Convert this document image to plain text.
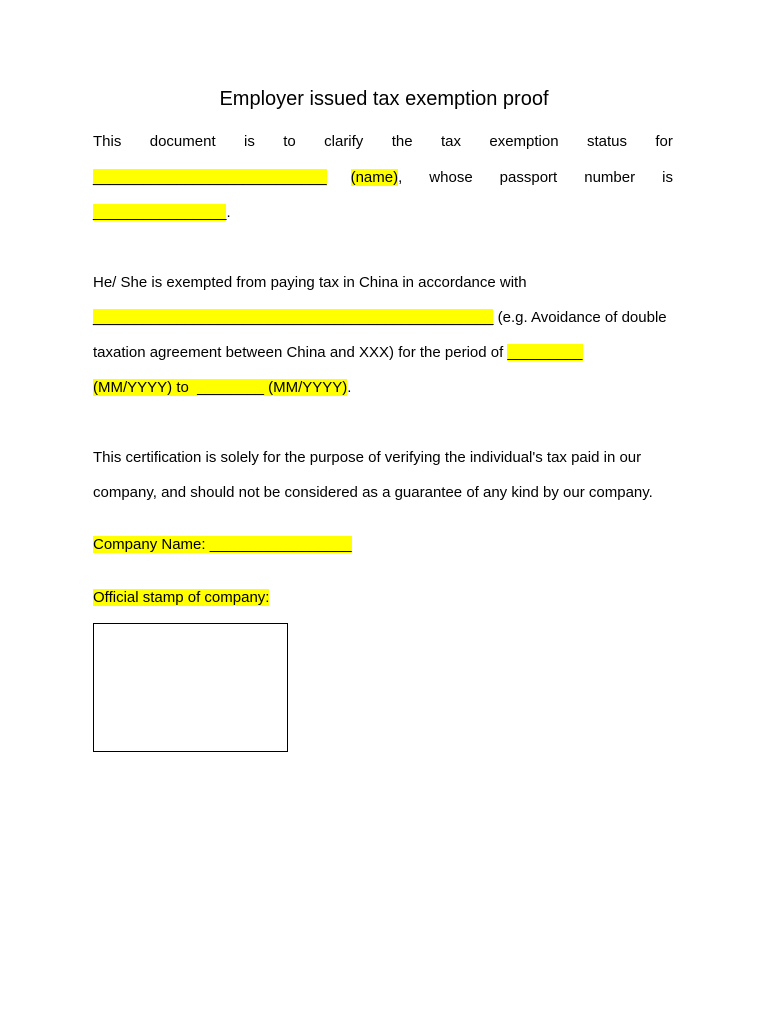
Employer issued tax exemption proof
This document is to clarify the tax exemption status for
____________________________ (name), whose passport number is
________________.
He/ She is exempted from paying tax in China in accordance with
________________________________________________ (e.g. Avoidance of double
taxation agreement between China and XXX) for the period of _________
(MM/YYYY) to  ________ (MM/YYYY).
This certification is solely for the purpose of verifying the individual's tax paid in our
company, and should not be considered as a guarantee of any kind by our company.
Company Name: _________________
Official stamp of company:
